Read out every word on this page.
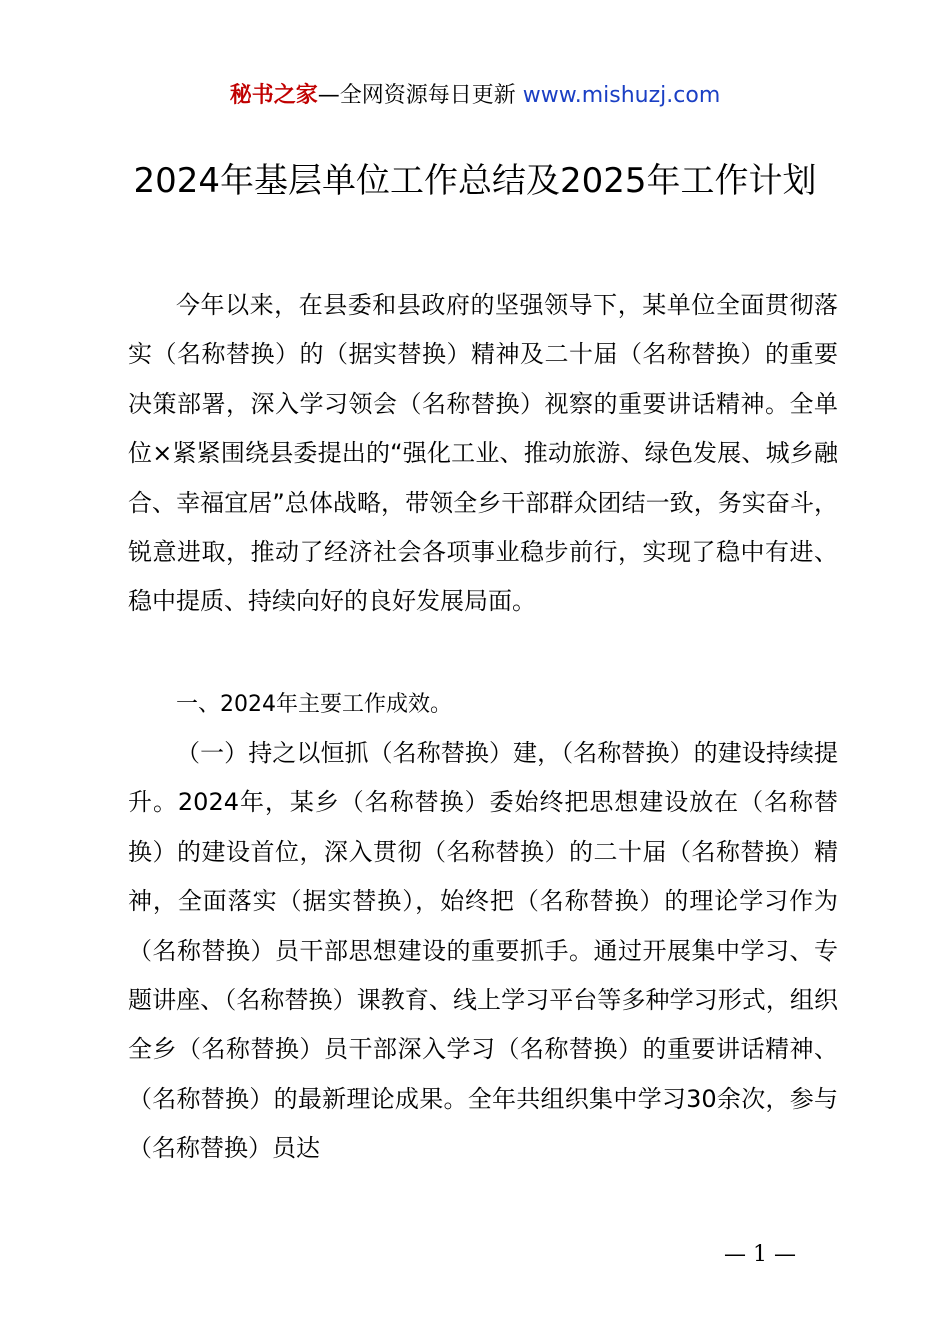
秘书之家—全网资源每日更新 www.mishuzj.com
2024年基层单位工作总结及2025年工作计划

今年以来，在县委和县政府的坚强领导下，某单位全面贯彻落实（名称替换）的（据实替换）精神及二十届（名称替换）的重要决策部署，深入学习领会（名称替换）视察的重要讲话精神。全单位×紧紧围绕县委提出的“强化工业、推动旅游、绿色发展、城乡融合、幸福宜居”总体战略，带领全乡干部群众团结一致，务实奋斗，锐意进取，推动了经济社会各项事业稳步前行，实现了稳中有进、稳中提质、持续向好的良好发展局面。

一、2024年主要工作成效。

（一）持之以恒抓（名称替换）建，（名称替换）的建设持续提升。2024年，某乡（名称替换）委始终把思想建设放在（名称替换）的建设首位，深入贯彻（名称替换）的二十届（名称替换）精神，全面落实（据实替换），始终把（名称替换）的理论学习作为（名称替换）员干部思想建设的重要抓手。通过开展集中学习、专题讲座、（名称替换）课教育、线上学习平台等多种学习形式，组织全乡（名称替换）员干部深入学习（名称替换）的重要讲话精神、（名称替换）的最新理论成果。全年共组织集中学习30余次，参与（名称替换）员达

— 1 —
